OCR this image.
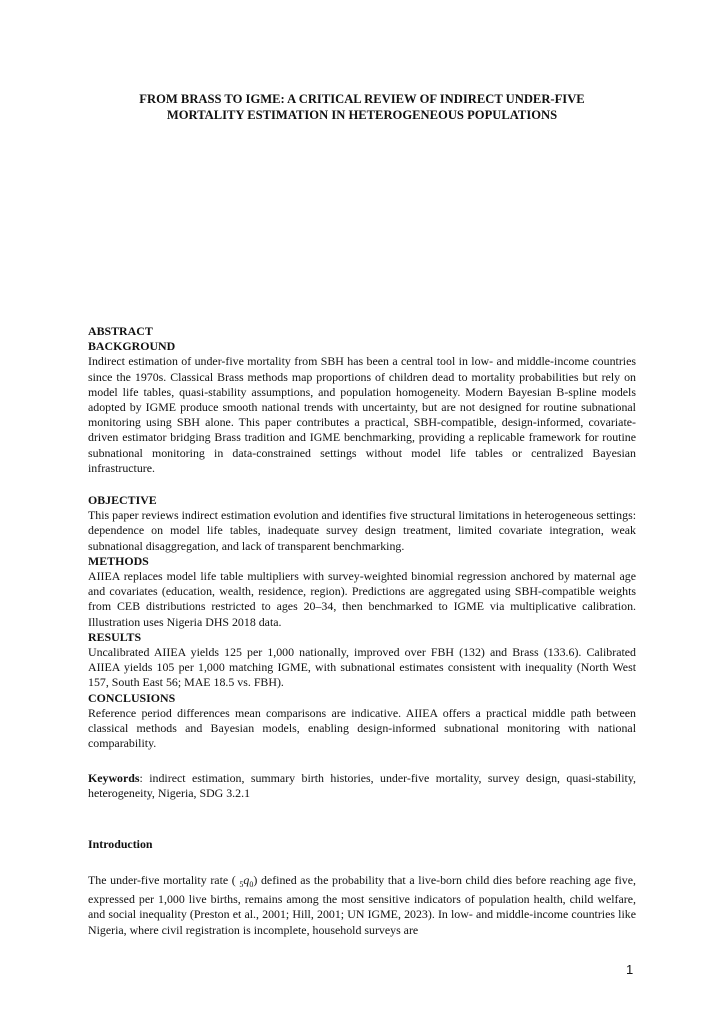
FROM BRASS TO IGME: A CRITICAL REVIEW OF INDIRECT UNDER-FIVE
MORTALITY ESTIMATION IN HETEROGENEOUS POPULATIONS
ABSTRACT
BACKGROUND
Indirect estimation of under-five mortality from SBH has been a central tool in low- and middle-income countries since the 1970s. Classical Brass methods map proportions of children dead to mortality probabilities but rely on model life tables, quasi-stability assumptions, and population homogeneity. Modern Bayesian B-spline models adopted by IGME produce smooth national trends with uncertainty, but are not designed for routine subnational monitoring using SBH alone. This paper contributes a practical, SBH-compatible, design-informed, covariate-driven estimator bridging Brass tradition and IGME benchmarking, providing a replicable framework for routine subnational monitoring in data-constrained settings without model life tables or centralized Bayesian infrastructure.
OBJECTIVE
This paper reviews indirect estimation evolution and identifies five structural limitations in heterogeneous settings: dependence on model life tables, inadequate survey design treatment, limited covariate integration, weak subnational disaggregation, and lack of transparent benchmarking.
METHODS
AIIEA replaces model life table multipliers with survey-weighted binomial regression anchored by maternal age and covariates (education, wealth, residence, region). Predictions are aggregated using SBH-compatible weights from CEB distributions restricted to ages 20–34, then benchmarked to IGME via multiplicative calibration. Illustration uses Nigeria DHS 2018 data.
RESULTS
Uncalibrated AIIEA yields 125 per 1,000 nationally, improved over FBH (132) and Brass (133.6). Calibrated AIIEA yields 105 per 1,000 matching IGME, with subnational estimates consistent with inequality (North West 157, South East 56; MAE 18.5 vs. FBH).
CONCLUSIONS
Reference period differences mean comparisons are indicative. AIIEA offers a practical middle path between classical methods and Bayesian models, enabling design-informed subnational monitoring with national comparability.
Keywords: indirect estimation, summary birth histories, under-five mortality, survey design, quasi-stability, heterogeneity, Nigeria, SDG 3.2.1
Introduction
The under-five mortality rate ( $_5q_0$) defined as the probability that a live-born child dies before reaching age five, expressed per 1,000 live births, remains among the most sensitive indicators of population health, child welfare, and social inequality (Preston et al., 2001; Hill, 2001; UN IGME, 2023). In low- and middle-income countries like Nigeria, where civil registration is incomplete, household surveys are
1
